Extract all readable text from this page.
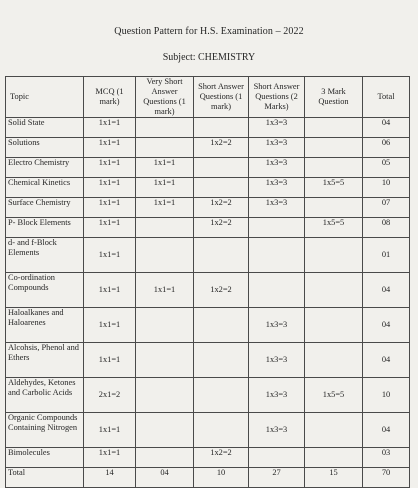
Question Pattern for H.S. Examination – 2022
Subject: CHEMISTRY
Topic	MCQ (1 mark)	Very Short Answer Questions (1 mark)	Short Answer Questions (1 mark)	Short Answer Questions (2 Marks)	3 Mark Question	Total
Solid State	1x1=1			1x3=3		04
Solutions	1x1=1		1x2=2	1x3=3		06
Electro Chemistry	1x1=1	1x1=1		1x3=3		05
Chemical Kinetics	1x1=1	1x1=1		1x3=3	1x5=5	10
Surface Chemistry	1x1=1	1x1=1	1x2=2	1x3=3		07
P- Block Elements	1x1=1		1x2=2		1x5=5	08
d- and f-Block Elements	1x1=1					01
Co-ordination Compounds	1x1=1	1x1=1	1x2=2			04
Haloalkanes and Haloarenes	1x1=1			1x3=3		04
Alcohsis, Phenol and Ethers	1x1=1			1x3=3		04
Aldehydes, Ketones and Carbolic Acids	2x1=2			1x3=3	1x5=5	10
Organic Compounds Containing Nitrogen	1x1=1			1x3=3		04
Bimolecules	1x1=1		1x2=2			03
Total	14	04	10	27	15	70
